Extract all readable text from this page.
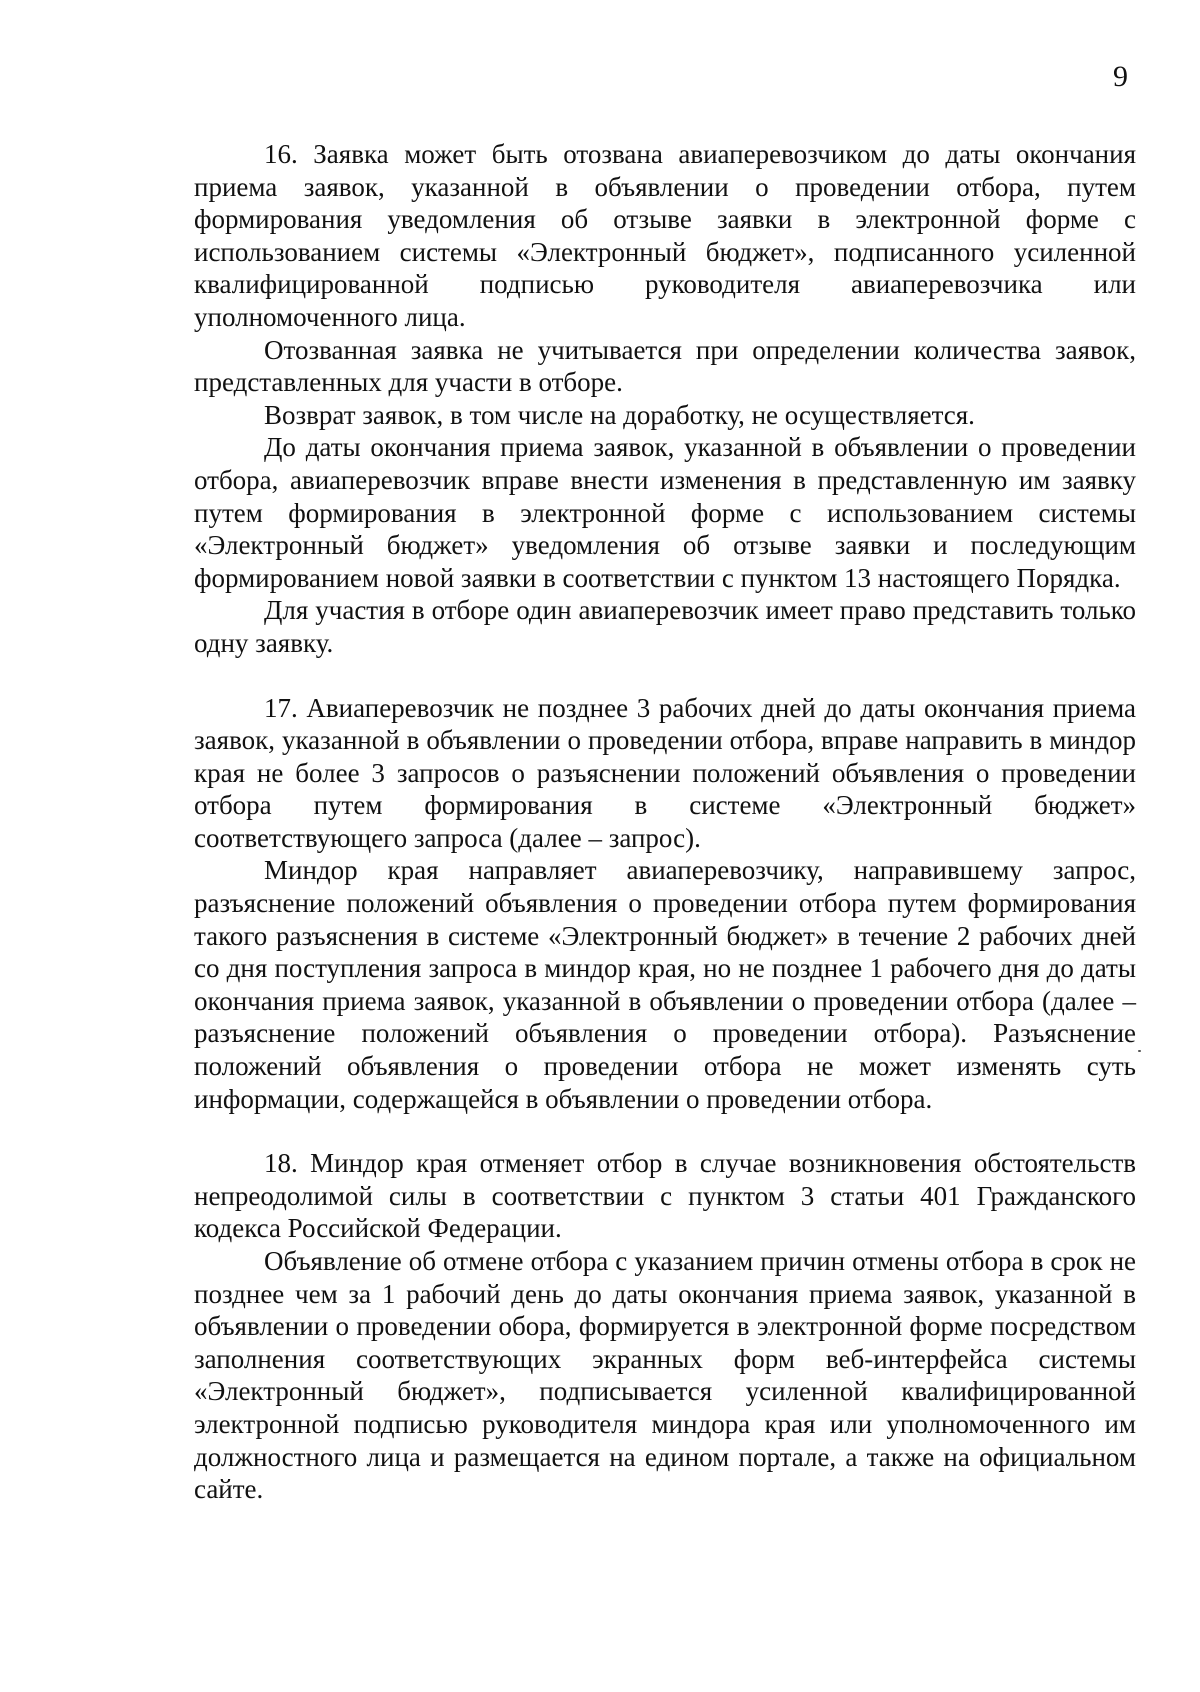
9

16. Заявка может быть отозвана авиаперевозчиком до даты окончания приема заявок, указанной в объявлении о проведении отбора, путем формирования уведомления об отзыве заявки в электронной форме с использованием системы «Электронный бюджет», подписанного усиленной квалифицированной подписью руководителя авиаперевозчика или уполномоченного лица.

Отозванная заявка не учитывается при определении количества заявок, представленных для участи в отборе.

Возврат заявок, в том числе на доработку, не осуществляется.

До даты окончания приема заявок, указанной в объявлении о проведении отбора, авиаперевозчик вправе внести изменения в представленную им заявку путем формирования в электронной форме с использованием системы «Электронный бюджет» уведомления об отзыве заявки и последующим формированием новой заявки в соответствии с пунктом 13 настоящего Порядка.

Для участия в отборе один авиаперевозчик имеет право представить только одну заявку.

17. Авиаперевозчик не позднее 3 рабочих дней до даты окончания приема заявок, указанной в объявлении о проведении отбора, вправе направить в миндор края не более 3 запросов о разъяснении положений объявления о проведении отбора путем формирования в системе «Электронный бюджет» соответствующего запроса (далее – запрос).

Миндор края направляет авиаперевозчику, направившему запрос, разъяснение положений объявления о проведении отбора путем формирования такого разъяснения в системе «Электронный бюджет» в течение 2 рабочих дней со дня поступления запроса в миндор края, но не позднее 1 рабочего дня до даты окончания приема заявок, указанной в объявлении о проведении отбора (далее – разъяснение положений объявления о проведении отбора). Разъяснение положений объявления о проведении отбора не может изменять суть информации, содержащейся в объявлении о проведении отбора.

18. Миндор края отменяет отбор в случае возникновения обстоятельств непреодолимой силы в соответствии с пунктом 3 статьи 401 Гражданского кодекса Российской Федерации.

Объявление об отмене отбора с указанием причин отмены отбора в срок не позднее чем за 1 рабочий день до даты окончания приема заявок, указанной в объявлении о проведении обора, формируется в электронной форме посредством заполнения соответствующих экранных форм веб-интерфейса системы «Электронный бюджет», подписывается усиленной квалифицированной электронной подписью руководителя миндора края или уполномоченного им должностного лица и размещается на едином портале, а также на официальном сайте.
